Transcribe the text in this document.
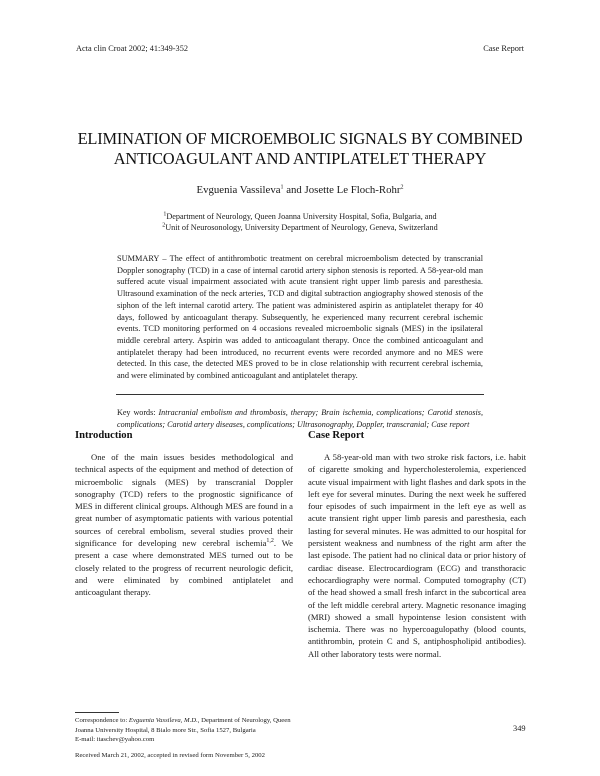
Acta clin Croat 2002; 41:349-352	Case Report
ELIMINATION OF MICROEMBOLIC SIGNALS BY COMBINED
ANTICOAGULANT AND ANTIPLATELET THERAPY
Evguenia Vassileva$^1$ and Josette Le Floch-Rohr$^2$
$^1$Department of Neurology, Queen Joanna University Hospital, Sofia, Bulgaria, and
$^2$Unit of Neurosonology, University Department of Neurology, Geneva, Switzerland
SUMMARY – The effect of antithrombotic treatment on cerebral microembolism detected by transcranial Doppler sonography (TCD) in a case of internal carotid artery siphon stenosis is reported. A 58-year-old man suffered acute visual impairment associated with acute transient right upper limb paresis and paresthesia. Ultrasound examination of the neck arteries, TCD and digital subtraction angiography showed stenosis of the siphon of the left internal carotid artery. The patient was administered aspirin as antiplatelet therapy for 40 days, followed by anticoagulant therapy. Subsequently, he experienced many recurrent cerebral ischemic events. TCD monitoring performed on 4 occasions revealed microembolic signals (MES) in the ipsilateral middle cerebral artery. Aspirin was added to anticoagulant therapy. Once the combined anticoagulant and antiplatelet therapy had been introduced, no recurrent events were recorded anymore and no MES were detected. In this case, the detected MES proved to be in close relationship with recurrent cerebral ischemia, and were eliminated by combined anticoagulant and antiplatelet therapy.
Key words: Intracranial embolism and thrombosis, therapy; Brain ischemia, complications; Carotid stenosis, complications; Carotid artery diseases, complications; Ultrasonography, Doppler, transcranial; Case report
Introduction

One of the main issues besides methodological and technical aspects of the equipment and method of detection of microembolic signals (MES) by transcranial Doppler sonography (TCD) refers to the prognostic significance of MES in different clinical groups. Although MES are found in a great number of asymptomatic patients with various potential sources of cerebral embolism, several studies proved their significance for developing new cerebral ischemia$^{1,2}$. We present a case where demonstrated MES turned out to be closely related to the progress of recurrent neurologic deficit, and were eliminated by combined antiplatelet and anticoagulant therapy.

Case Report

A 58-year-old man with two stroke risk factors, i.e. habit of cigarette smoking and hypercholesterolemia, experienced acute visual impairment with light flashes and dark spots in the left eye for several minutes. During the next week he suffered four episodes of such impairment in the left eye as well as acute transient right upper limb paresis and paresthesia, each lasting for several minutes. He was admitted to our hospital for persistent weakness and numbness of the right arm after the last episode. The patient had no clinical data or prior history of cardiac disease. Electrocardiogram (ECG) and transthoracic echocardiography were normal. Computed tomography (CT) of the head showed a small fresh infarct in the subcortical area of the left middle cerebral artery. Magnetic resonance imaging (MRI) showed a small hypointense lesion consistent with ischemia. There was no hypercoagulopathy (blood counts, antithrombin, protein C and S, antiphospholipid antibodies). All other laboratory tests were normal.

Correspondence to: Evguenia Vassileva, M.D., Department of Neurology, Queen Joanna University Hospital, 8 Bialo more Str., Sofia 1527, Bulgaria
E-mail: itaschev@yahoo.com
Received March 21, 2002, accepted in revised form November 5, 2002
349
